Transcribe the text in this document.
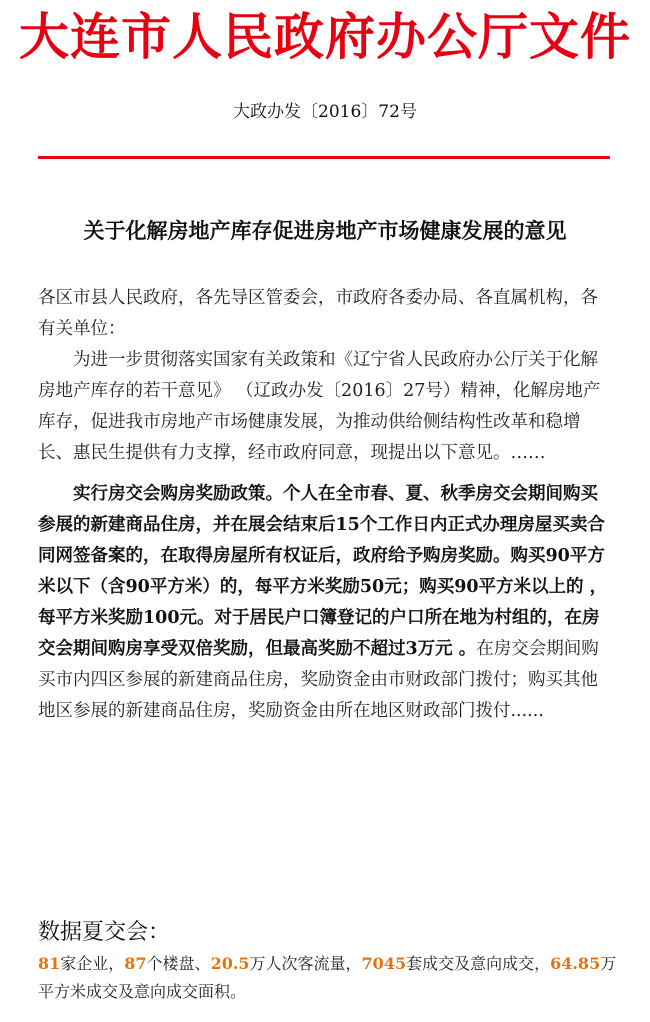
大连市人民政府办公厅文件
大政办发〔2016〕72号
关于化解房地产库存促进房地产市场健康发展的意见

各区市县人民政府，各先导区管委会，市政府各委办局、各直属机构，各有关单位：

为进一步贯彻落实国家有关政策和《辽宁省人民政府办公厅关于化解房地产库存的若干意见》 （辽政办发〔2016〕27号）精神，化解房地产库存，促进我市房地产市场健康发展，为推动供给侧结构性改革和稳增长、惠民生提供有力支撑，经市政府同意，现提出以下意见。……

实行房交会购房奖励政策。个人在全市春、夏、秋季房交会期间购买参展的新建商品住房，并在展会结束后15个工作日内正式办理房屋买卖合同网签备案的，在取得房屋所有权证后，政府给予购房奖励。购买90平方米以下（含90平方米）的，每平方米奖励50元；购买90平方米以上的 ，每平方米奖励100元。对于居民户口簿登记的户口所在地为村组的，在房交会期间购房享受双倍奖励，但最高奖励不超过3万元 。在房交会期间购买市内四区参展的新建商品住房，奖励资金由市财政部门拨付；购买其他地区参展的新建商品住房，奖励资金由所在地区财政部门拨付......

数据夏交会：

81家企业，87个楼盘、20.5万人次客流量，7045套成交及意向成交，64.85万平方米成交及意向成交面积。
